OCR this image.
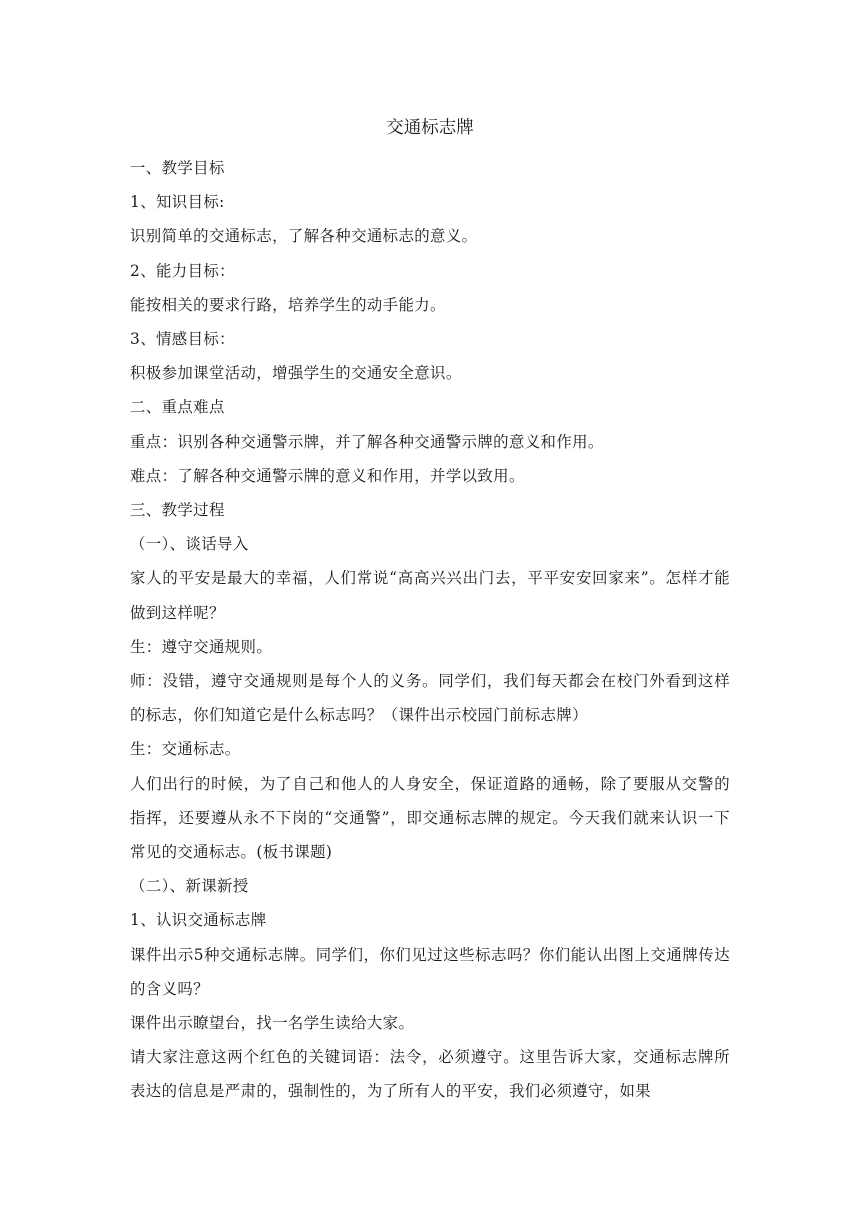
交通标志牌

一、教学目标

1、知识目标:

识别简单的交通标志，了解各种交通标志的意义。

2、能力目标：

能按相关的要求行路，培养学生的动手能力。

3、情感目标：

积极参加课堂活动，增强学生的交通安全意识。

二、重点难点

重点：识别各种交通警示牌，并了解各种交通警示牌的意义和作用。

难点：了解各种交通警示牌的意义和作用，并学以致用。

三、教学过程

（一）、谈话导入

家人的平安是最大的幸福，人们常说“高高兴兴出门去，平平安安回家来”。怎样才能做到这样呢？

生：遵守交通规则。

师：没错，遵守交通规则是每个人的义务。同学们，我们每天都会在校门外看到这样的标志，你们知道它是什么标志吗？（课件出示校园门前标志牌）

生：交通标志。

人们出行的时候，为了自己和他人的人身安全，保证道路的通畅，除了要服从交警的指挥，还要遵从永不下岗的“交通警”，即交通标志牌的规定。今天我们就来认识一下常见的交通标志。(板书课题)

（二）、新课新授

1、认识交通标志牌

课件出示5种交通标志牌。同学们，你们见过这些标志吗？你们能认出图上交通牌传达的含义吗？

课件出示瞭望台，找一名学生读给大家。

请大家注意这两个红色的关键词语：法令，必须遵守。这里告诉大家，交通标志牌所表达的信息是严肃的，强制性的，为了所有人的平安，我们必须遵守，如果
